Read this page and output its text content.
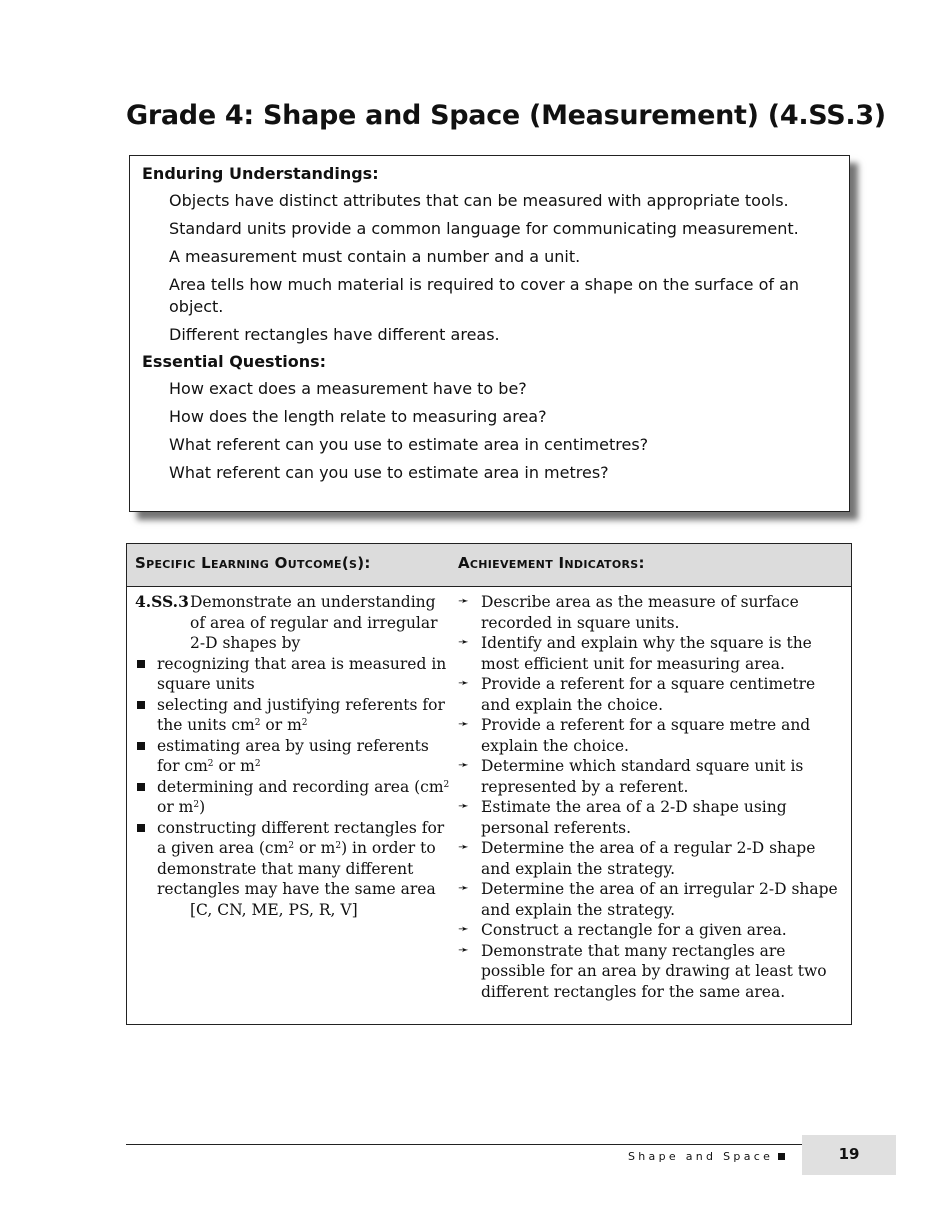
Grade 4: Shape and Space (Measurement) (4.SS.3)
Enduring Understandings:
Objects have distinct attributes that can be measured with appropriate tools.
Standard units provide a common language for communicating measurement.
A measurement must contain a number and a unit.
Area tells how much material is required to cover a shape on the surface of an object.
Different rectangles have different areas.
Essential Questions:
How exact does a measurement have to be?
How does the length relate to measuring area?
What referent can you use to estimate area in centimetres?
What referent can you use to estimate area in metres?
Specific Learning Outcome(s):	Achievement Indicators:
4.SS.3 Demonstrate an understanding of area of regular and irregular 2-D shapes by
recognizing that area is measured in square units
selecting and justifying referents for the units $cm^2$ or $m^2$
estimating area by using referents for $cm^2$ or $m^2$
determining and recording area ($cm^2$ or $m^2$)
constructing different rectangles for a given area ($cm^2$ or $m^2$) in order to demonstrate that many different rectangles may have the same area
[C, CN, ME, PS, R, V]
➛ Describe area as the measure of surface recorded in square units.
➛ Identify and explain why the square is the most efficient unit for measuring area.
➛ Provide a referent for a square centimetre and explain the choice.
➛ Provide a referent for a square metre and explain the choice.
➛ Determine which standard square unit is represented by a referent.
➛ Estimate the area of a 2-D shape using personal referents.
➛ Determine the area of a regular 2-D shape and explain the strategy.
➛ Determine the area of an irregular 2-D shape and explain the strategy.
➛ Construct a rectangle for a given area.
➛ Demonstrate that many rectangles are possible for an area by drawing at least two different rectangles for the same area.
Shape and Space	19
